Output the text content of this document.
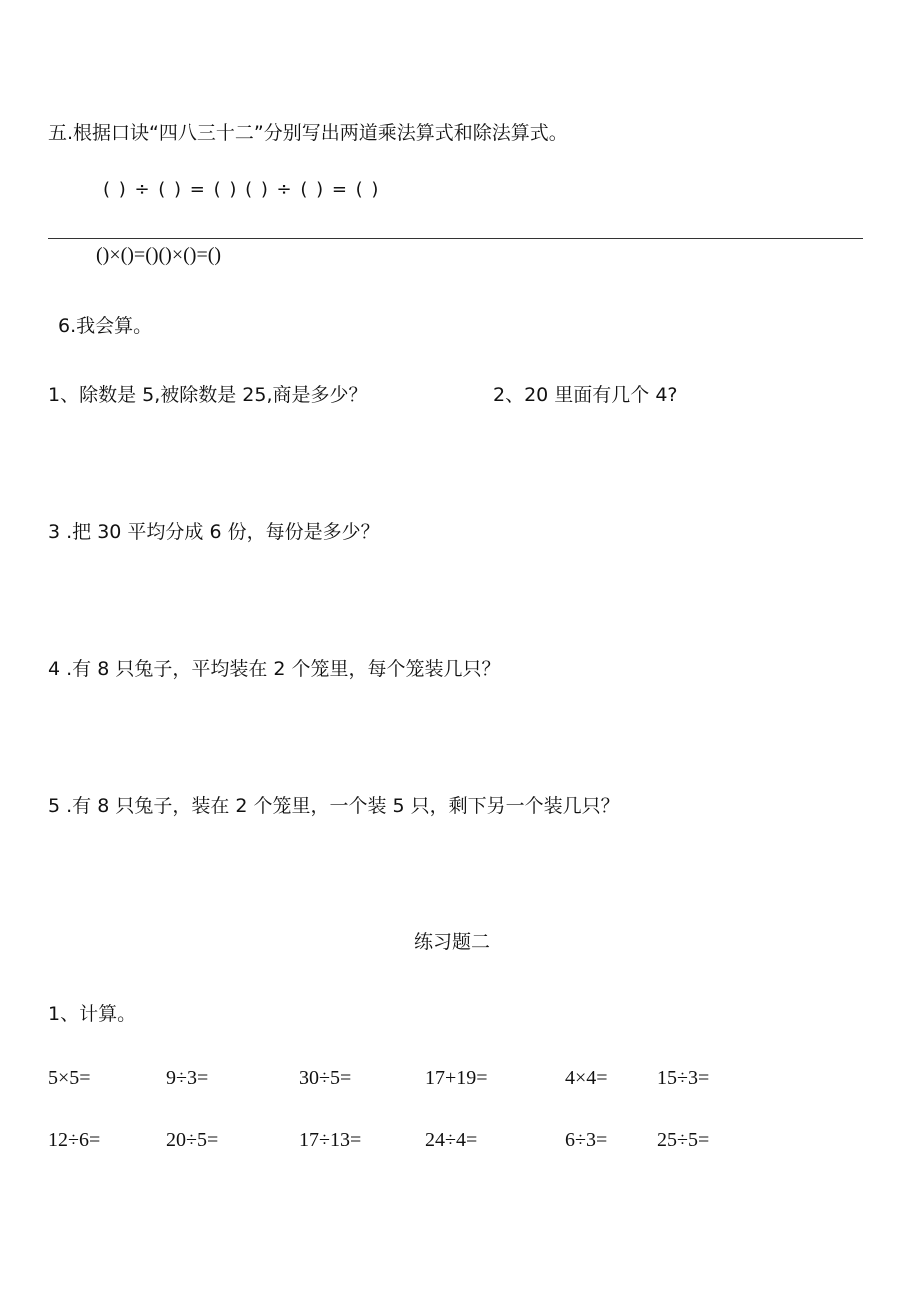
五.根据口诀“四八三十二”分别写出两道乘法算式和除法算式。
( ) ÷ ( ) = ( ) ( ) ÷ ( ) = ( )
()×()=()()×()=()
6.我会算。
1、除数是 5,被除数是 25,商是多少？	2、20 里面有几个 4?
3 .把 30 平均分成 6 份，每份是多少？
4 .有 8 只兔子，平均装在 2 个笼里，每个笼装几只？
5 .有 8 只兔子，装在 2 个笼里，一个装 5 只，剩下另一个装几只？
练习题二
1、计算。
5×5=	9÷3=	30÷5=	17+19=	4×4= 15÷3=
12÷6=	20÷5=	17÷13=	24÷4=	6÷3= 25÷5=
